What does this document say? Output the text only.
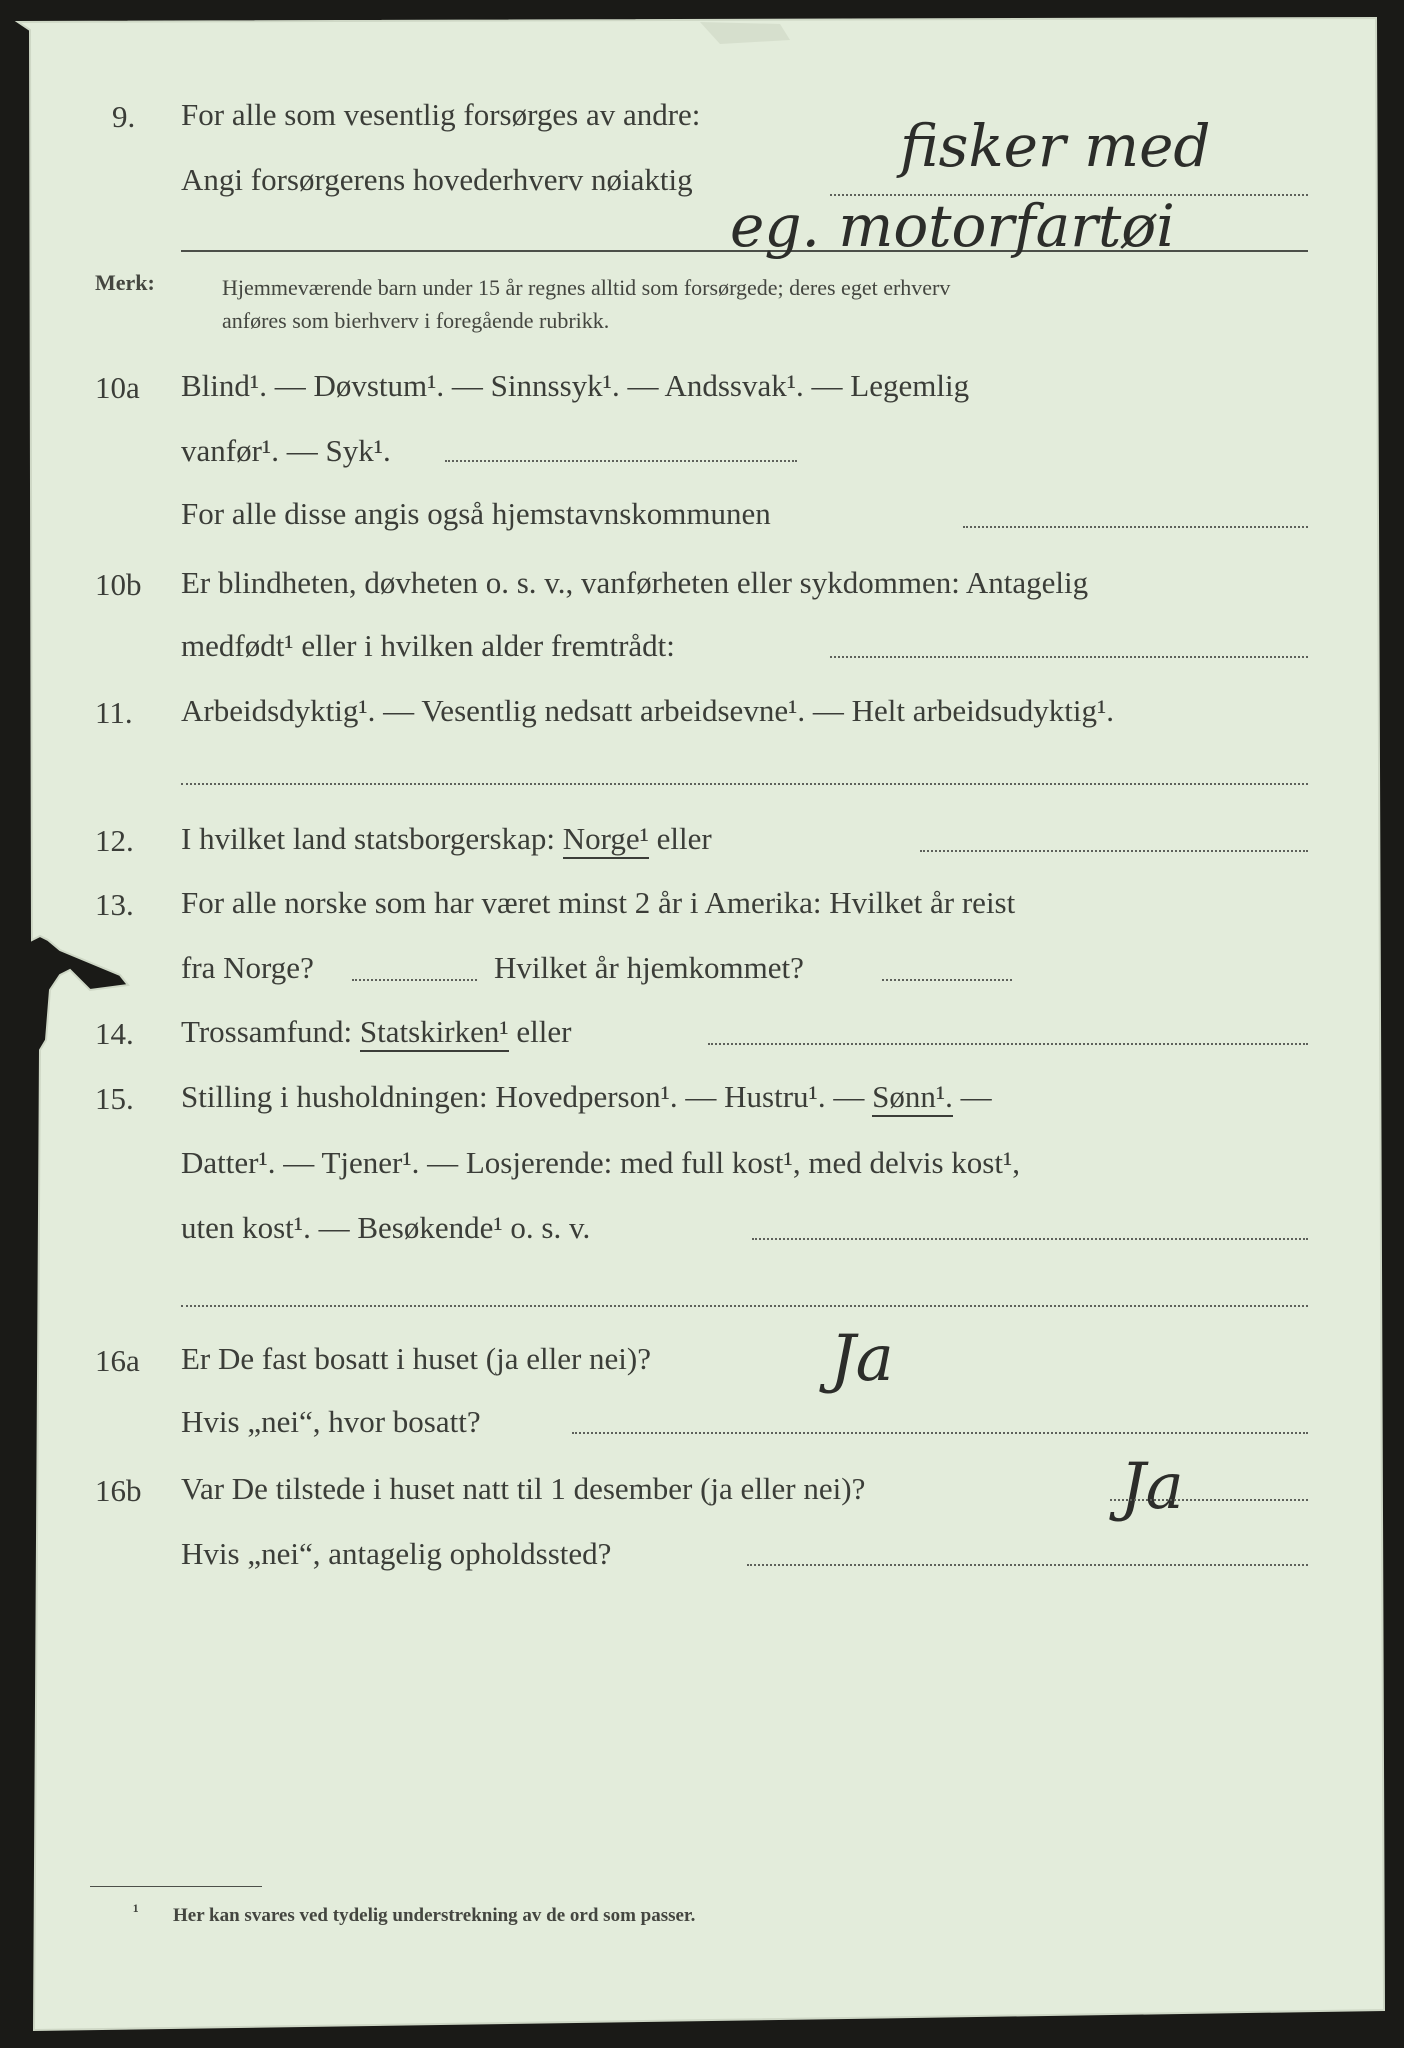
9. For alle som vesentlig forsørges av andre:
Angi forsørgerens hovederhverv nøiaktig	fisker med
eg. motorfartøi
Merk:	Hjemmeværende barn under 15 år regnes alltid som forsørgede; deres eget erhverv
anføres som bierhverv i foregående rubrikk.
10a Blind¹. — Døvstum¹. — Sinnssyk¹. — Andssvak¹. — Legemlig
vanfør¹. — Syk¹.
For alle disse angis også hjemstavnskommunen
10b Er blindheten, døvheten o. s. v., vanførheten eller sykdommen: Antagelig
medfødt¹ eller i hvilken alder fremtrådt:
11. Arbeidsdyktig¹. — Vesentlig nedsatt arbeidsevne¹. — Helt arbeidsudyktig¹.
12. I hvilket land statsborgerskap: Norge¹ eller
13. For alle norske som har været minst 2 år i Amerika: Hvilket år reist
fra Norge?	Hvilket år hjemkommet?
14. Trossamfund: Statskirken¹ eller
15. Stilling i husholdningen: Hovedperson¹. — Hustru¹. — Sønn¹. —
Datter¹. — Tjener¹. — Losjerende: med full kost¹, med delvis kost¹,
uten kost¹. — Besøkende¹ o. s. v.
16a Er De fast bosatt i huset (ja eller nei)?	Ja
Hvis „nei“, hvor bosatt?
16b Var De tilstede i huset natt til 1 desember (ja eller nei)?	Ja
Hvis „nei“, antagelig opholdssted?
¹ Her kan svares ved tydelig understrekning av de ord som passer.
